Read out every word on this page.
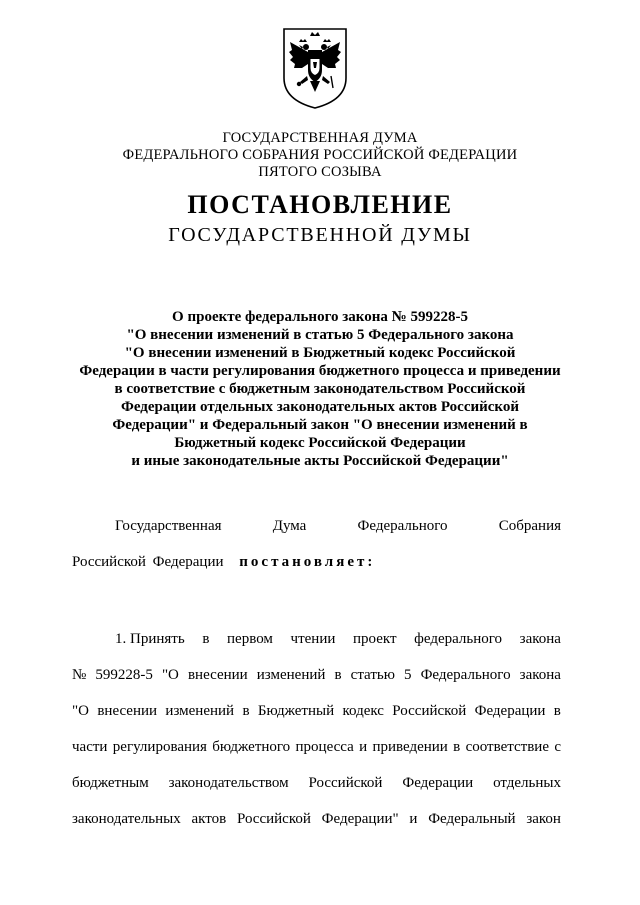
ГОСУДАРСТВЕННАЯ ДУМА
ФЕДЕРАЛЬНОГО СОБРАНИЯ РОССИЙСКОЙ ФЕДЕРАЦИИ
ПЯТОГО СОЗЫВА
ПОСТАНОВЛЕНИЕ
ГОСУДАРСТВЕННОЙ ДУМЫ
О проекте федерального закона № 599228-5
"О внесении изменений в статью 5 Федерального закона
"О внесении изменений в Бюджетный кодекс Российской
Федерации в части регулирования бюджетного процесса и приведении
в соответствие с бюджетным законодательством Российской
Федерации отдельных законодательных актов Российской
Федерации" и Федеральный закон "О внесении изменений в
Бюджетный кодекс Российской Федерации
и иные законодательные акты Российской Федерации"
Государственная	Дума	Федерального	Собрания
Российской Федерации постановляет:
1. Принять в первом чтении проект федерального закона
№ 599228-5 "О внесении изменений в статью 5 Федерального закона
"О внесении изменений в Бюджетный кодекс Российской Федерации в
части регулирования бюджетного процесса и приведении в соответствие с
бюджетным законодательством Российской Федерации отдельных
законодательных актов Российской Федерации" и Федеральный закон
